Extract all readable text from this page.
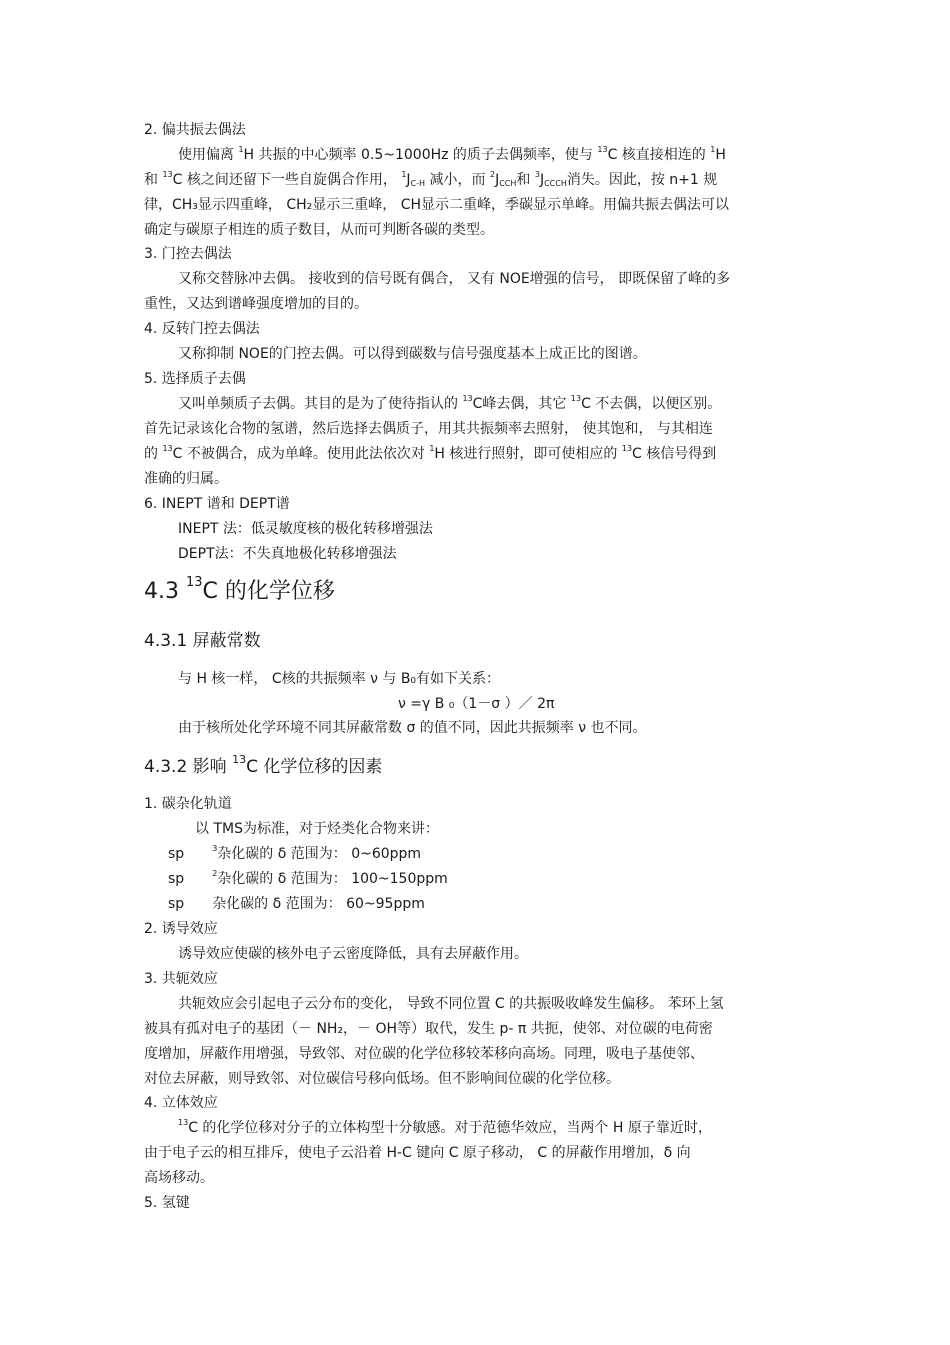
2. 偏共振去偶法
使用偏离 $^1$H 共振的中心频率 0.5~1000Hz 的质子去偶频率，使与 $^{13}$C 核直接相连的 $^1$H
和 $^{13}$C 核之间还留下一些自旋偶合作用， $^1J_{C-H}$ 减小，而 $^2J_{CCH}$和 $^3J_{CCCH}$消失。因此，按 n+1 规
律，CH₃显示四重峰， CH₂显示三重峰， CH显示二重峰，季碳显示单峰。用偏共振去偶法可以
确定与碳原子相连的质子数目，从而可判断各碳的类型。
3. 门控去偶法
又称交替脉冲去偶。 接收到的信号既有偶合， 又有 NOE增强的信号， 即既保留了峰的多
重性，又达到谱峰强度增加的目的。
4. 反转门控去偶法
又称抑制 NOE的门控去偶。可以得到碳数与信号强度基本上成正比的图谱。
5. 选择质子去偶
又叫单频质子去偶。其目的是为了使待指认的 $^{13}$C峰去偶，其它 $^{13}$C 不去偶，以便区别。
首先记录该化合物的氢谱，然后选择去偶质子，用其共振频率去照射， 使其饱和， 与其相连
的 $^{13}$C 不被偶合，成为单峰。使用此法依次对 $^1$H 核进行照射，即可使相应的 $^{13}$C 核信号得到
准确的归属。
6. INEPT 谱和 DEPT谱
INEPT 法：低灵敏度核的极化转移增强法
DEPT法：不失真地极化转移增强法
4.3 $^{13}$C 的化学位移
4.3.1 屏蔽常数
与 H 核一样， C核的共振频率 ν 与 B₀有如下关系：
ν =γ B ₀（1－σ ）／ 2π
由于核所处化学环境不同其屏蔽常数 σ 的值不同，因此共振频率 ν 也不同。
4.3.2 影响 $^{13}$C 化学位移的因素
1. 碳杂化轨道
以 TMS为标准，对于烃类化合物来讲：
sp	$^3$杂化碳的 δ 范围为： 0~60ppm
sp	$^2$杂化碳的 δ 范围为： 100~150ppm
sp 杂化碳的 δ 范围为： 60~95ppm
2. 诱导效应
诱导效应使碳的核外电子云密度降低，具有去屏蔽作用。
3. 共轭效应
共轭效应会引起电子云分布的变化， 导致不同位置 C 的共振吸收峰发生偏移。 苯环上氢
被具有孤对电子的基团（－ NH₂，－ OH等）取代，发生 p- π 共扼，使邻、对位碳的电荷密
度增加，屏蔽作用增强，导致邻、对位碳的化学位移较苯移向高场。同理，吸电子基使邻、
对位去屏蔽，则导致邻、对位碳信号移向低场。但不影响间位碳的化学位移。
4. 立体效应
$^{13}$C 的化学位移对分子的立体构型十分敏感。对于范德华效应，当两个 H 原子靠近时，
由于电子云的相互排斥，使电子云沿着 H-C 键向 C 原子移动， C 的屏蔽作用增加，δ 向
高场移动。
5. 氢键
